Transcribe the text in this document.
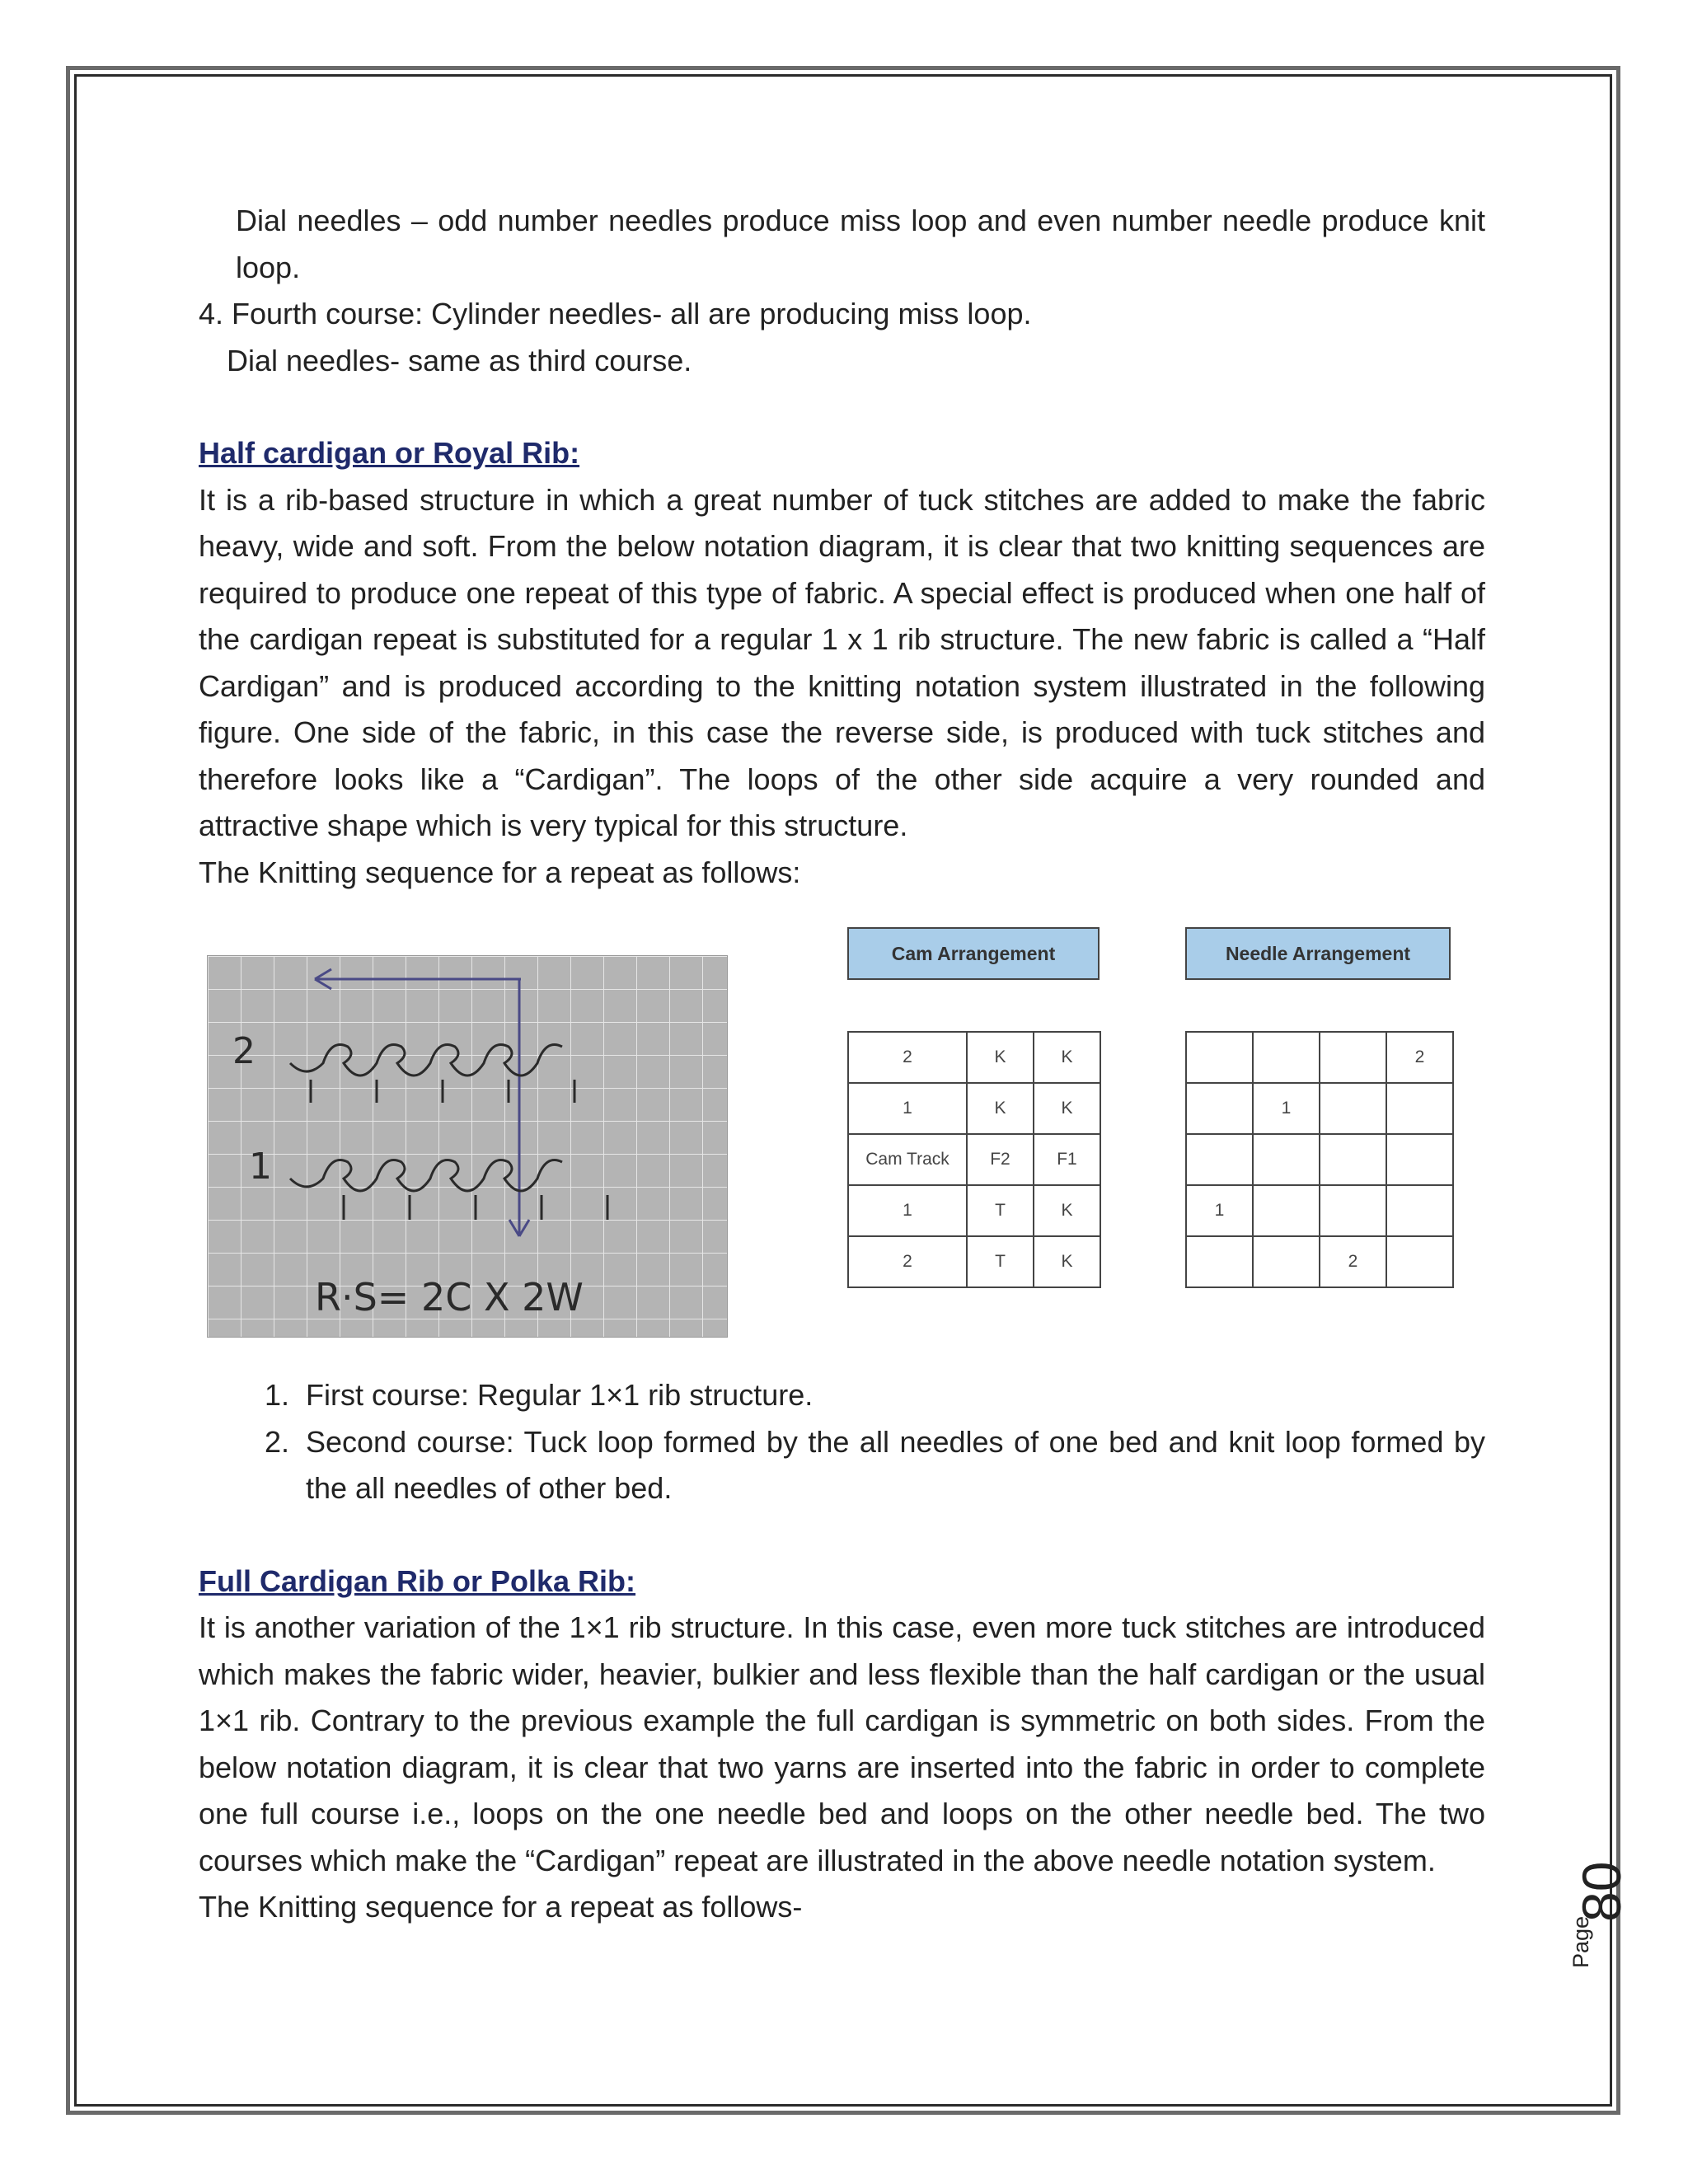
Dial needles – odd number needles produce miss loop and even number needle produce knit loop.

4. Fourth course: Cylinder needles- all are producing miss loop.

Dial needles- same as third course.

Half cardigan or Royal Rib:

It is a rib-based structure in which a great number of tuck stitches are added to make the fabric heavy, wide and soft. From the below notation diagram, it is clear that two knitting sequences are required to produce one repeat of this type of fabric. A special effect is produced when one half of the cardigan repeat is substituted for a regular 1 x 1 rib structure. The new fabric is called a “Half Cardigan” and is produced according to the knitting notation system illustrated in the following figure. One side of the fabric, in this case the reverse side, is produced with tuck stitches and therefore looks like a “Cardigan”. The loops of the other side acquire a very rounded and attractive shape which is very typical for this structure.

The Knitting sequence for a repeat as follows:

2
1
R·S= 2C X 2W
Cam Arrangement	Needle Arrangement
2	K	K
1	K	K
Cam Track	F2	F1
1	T	K
2	T	K
			2
	1		

1			
		2	
1. First course: Regular 1×1 rib structure.
2. Second course: Tuck loop formed by the all needles of one bed and knit loop formed by the all needles of other bed.
Full Cardigan Rib or Polka Rib:

It is another variation of the 1×1 rib structure. In this case, even more tuck stitches are introduced which makes the fabric wider, heavier, bulkier and less flexible than the half cardigan or the usual 1×1 rib. Contrary to the previous example the full cardigan is symmetric on both sides. From the below notation diagram, it is clear that two yarns are inserted into the fabric in order to complete one full course i.e., loops on the one needle bed and loops on the other needle bed. The two courses which make the “Cardigan” repeat are illustrated in the above needle notation system.

The Knitting sequence for a repeat as follows-

Page
80
